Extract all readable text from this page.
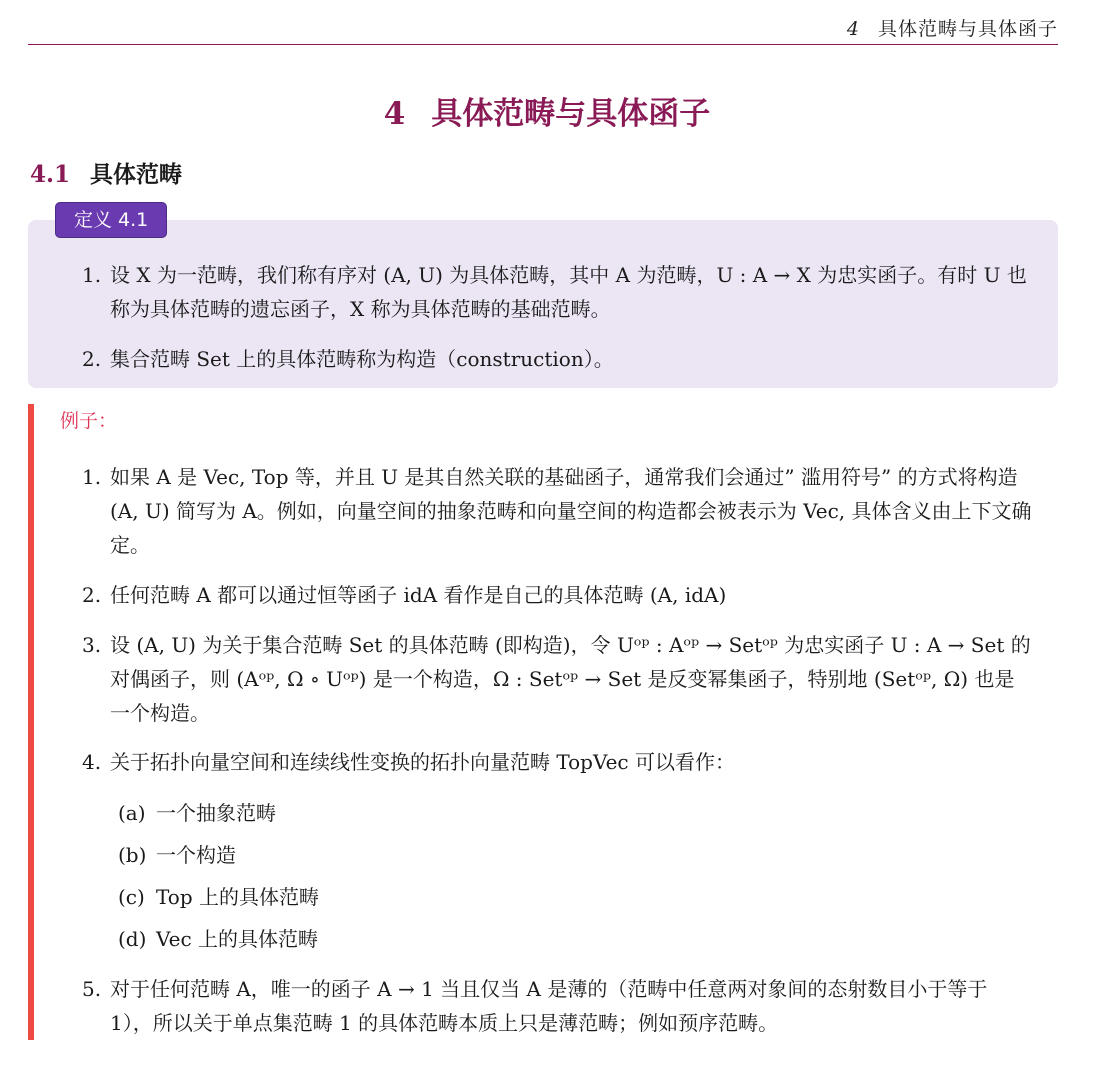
4 具体范畴与具体函子
4 具体范畴与具体函子
4.1 具体范畴
定义 4.1
1. 设 X 为一范畴，我们称有序对 (A, U) 为具体范畴，其中 A 为范畴，U : A → X 为忠实函子。有时 U 也称为具体范畴的遗忘函子，X 称为具体范畴的基础范畴。
2. 集合范畴 Set 上的具体范畴称为构造（construction）。
例子：
1. 如果 A 是 Vec, Top 等，并且 U 是其自然关联的基础函子，通常我们会通过” 滥用符号” 的方式将构造 (A, U) 简写为 A。例如，向量空间的抽象范畴和向量空间的构造都会被表示为 Vec, 具体含义由上下文确定。
2. 任何范畴 A 都可以通过恒等函子 idA 看作是自己的具体范畴 (A, idA)
3. 设 (A, U) 为关于集合范畴 Set 的具体范畴 (即构造)，令 Uᵒᵖ : Aᵒᵖ → Setᵒᵖ 为忠实函子 U : A → Set 的对偶函子，则 (Aᵒᵖ, Ω ∘ Uᵒᵖ) 是一个构造，Ω : Setᵒᵖ → Set 是反变幂集函子，特别地 (Setᵒᵖ, Ω) 也是一个构造。
4. 关于拓扑向量空间和连续线性变换的拓扑向量范畴 TopVec 可以看作：
(a) 一个抽象范畴
(b) 一个构造
(c) Top 上的具体范畴
(d) Vec 上的具体范畴
5. 对于任何范畴 A，唯一的函子 A → 1 当且仅当 A 是薄的（范畴中任意两对象间的态射数目小于等于 1），所以关于单点集范畴 1 的具体范畴本质上只是薄范畴；例如预序范畴。
